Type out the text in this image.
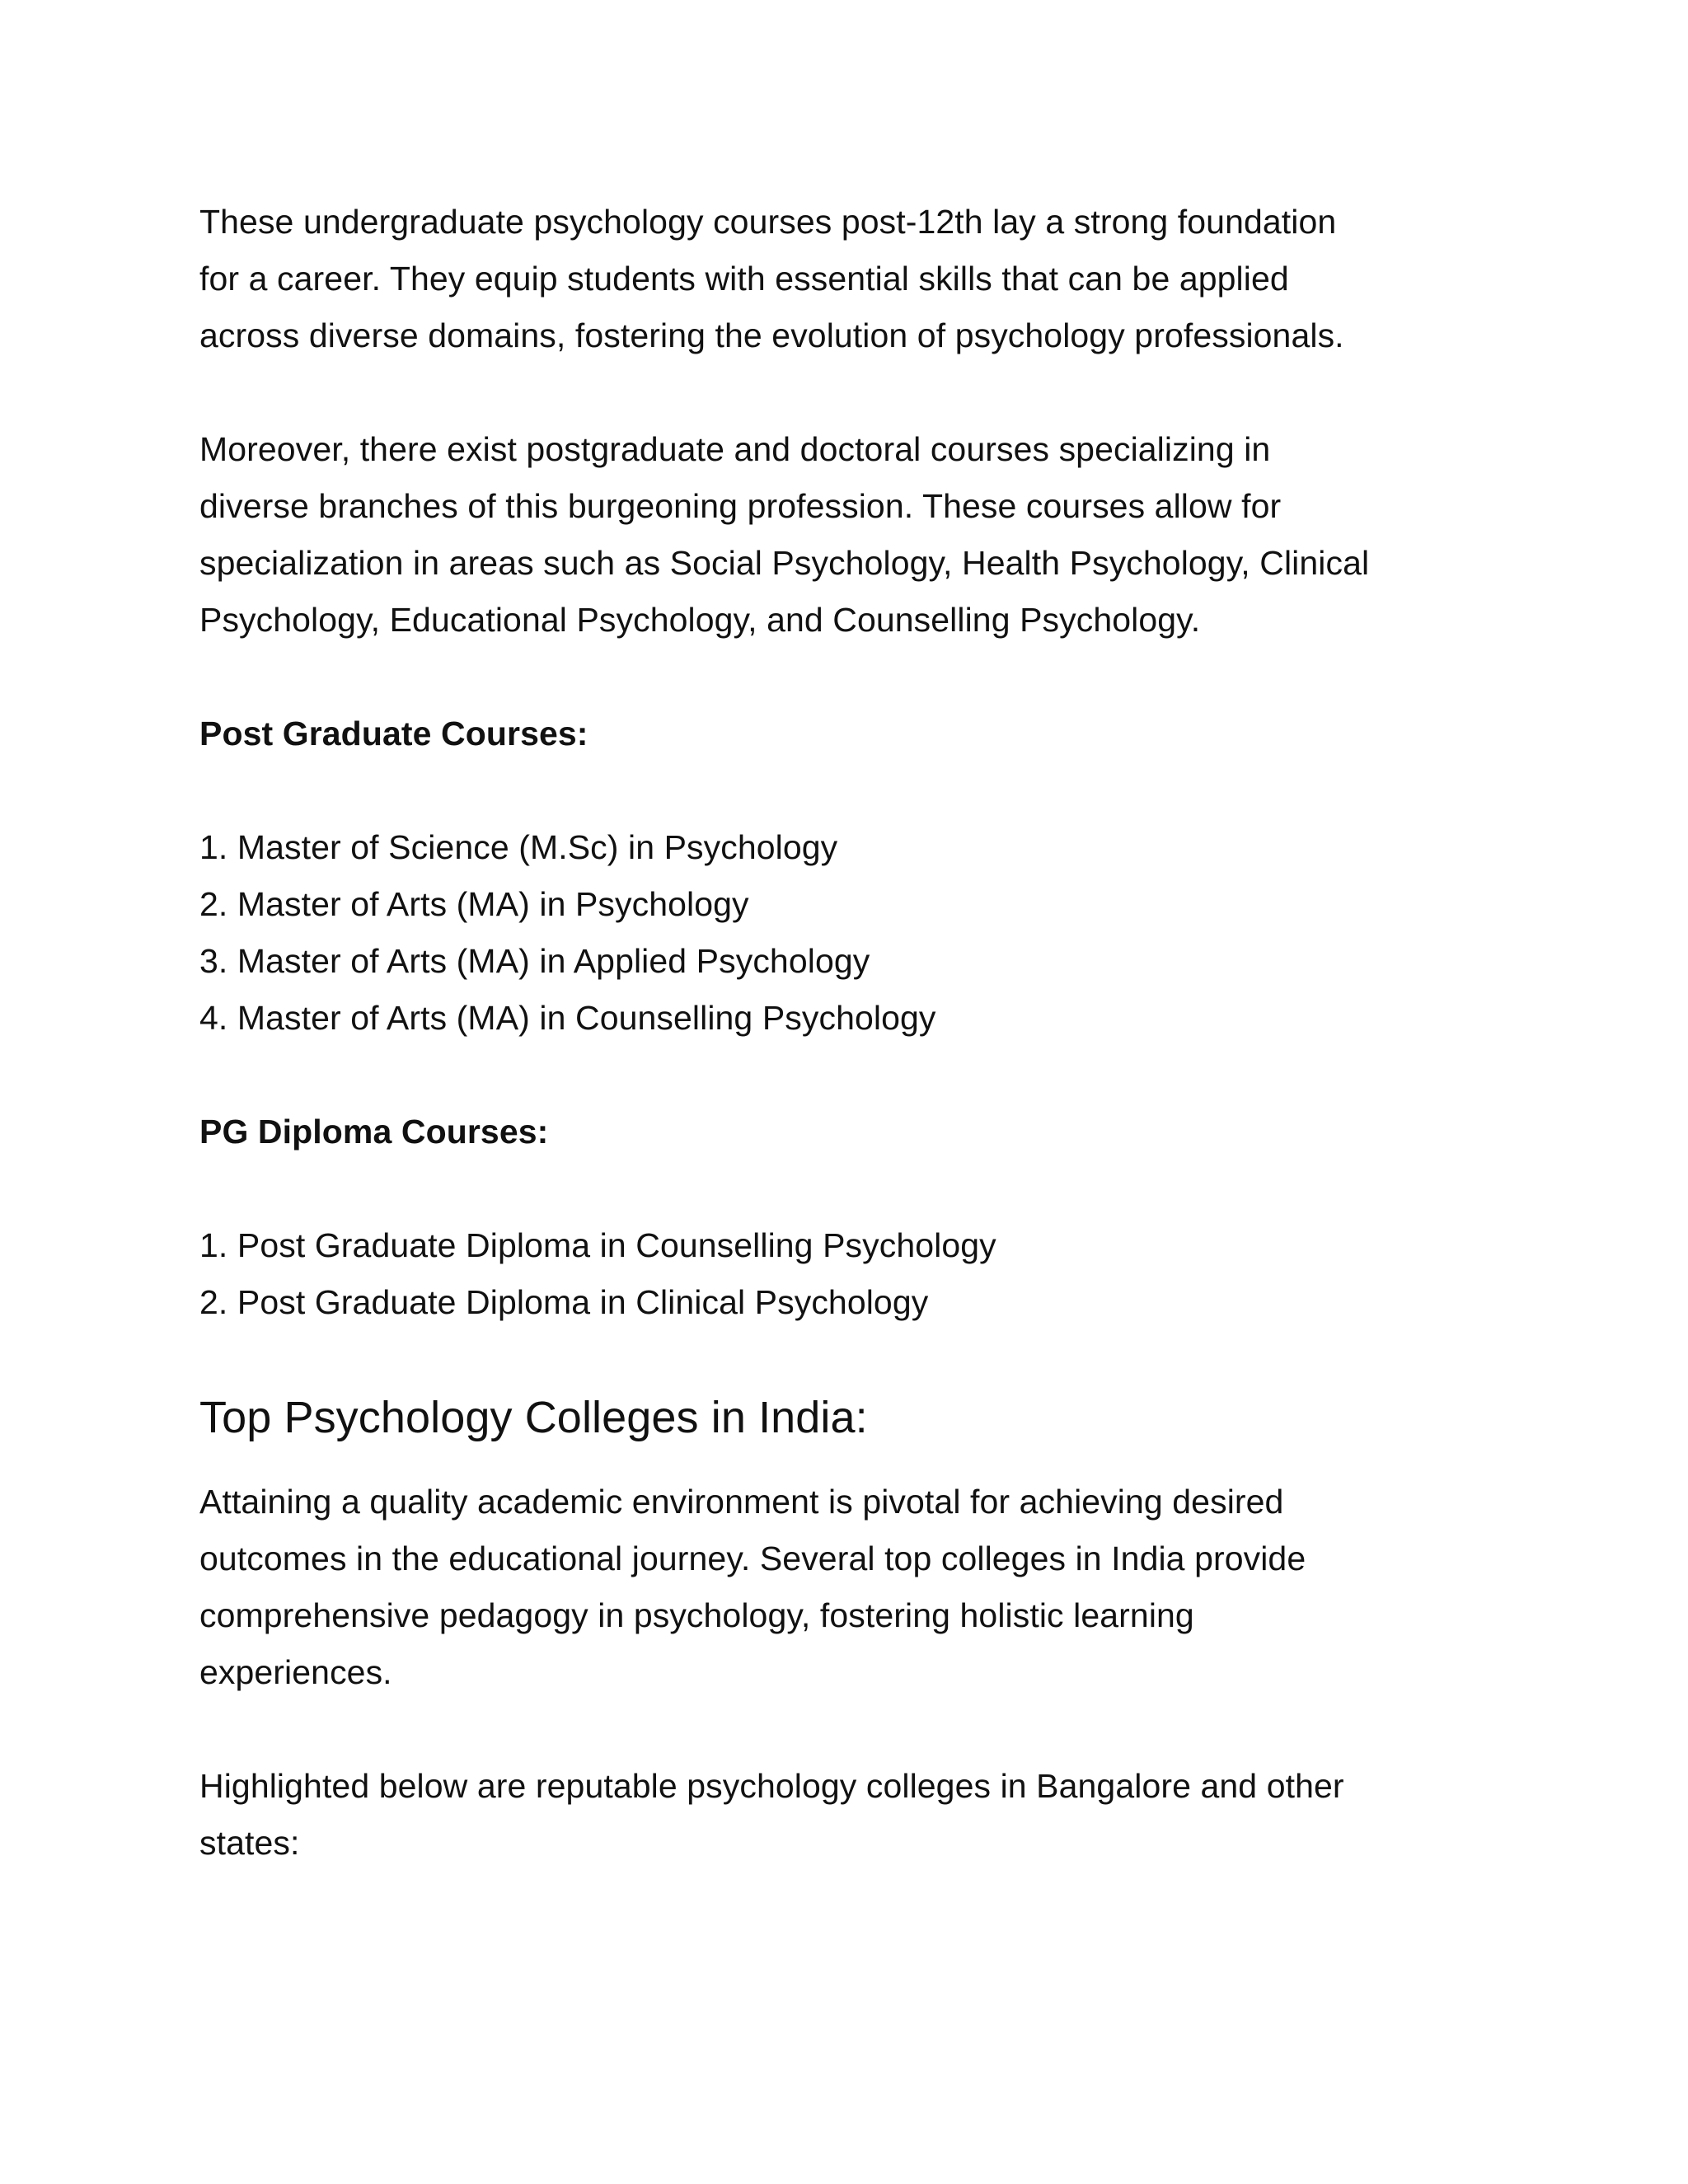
These undergraduate psychology courses post-12th lay a strong foundation
for a career. They equip students with essential skills that can be applied
across diverse domains, fostering the evolution of psychology professionals.
Moreover, there exist postgraduate and doctoral courses specializing in
diverse branches of this burgeoning profession. These courses allow for
specialization in areas such as Social Psychology, Health Psychology, Clinical
Psychology, Educational Psychology, and Counselling Psychology.
Post Graduate Courses:
1. Master of Science (M.Sc) in Psychology
2. Master of Arts (MA) in Psychology
3. Master of Arts (MA) in Applied Psychology
4. Master of Arts (MA) in Counselling Psychology
PG Diploma Courses:
1. Post Graduate Diploma in Counselling Psychology
2. Post Graduate Diploma in Clinical Psychology
Top Psychology Colleges in India:
Attaining a quality academic environment is pivotal for achieving desired
outcomes in the educational journey. Several top colleges in India provide
comprehensive pedagogy in psychology, fostering holistic learning
experiences.
Highlighted below are reputable psychology colleges in Bangalore and other
states:
